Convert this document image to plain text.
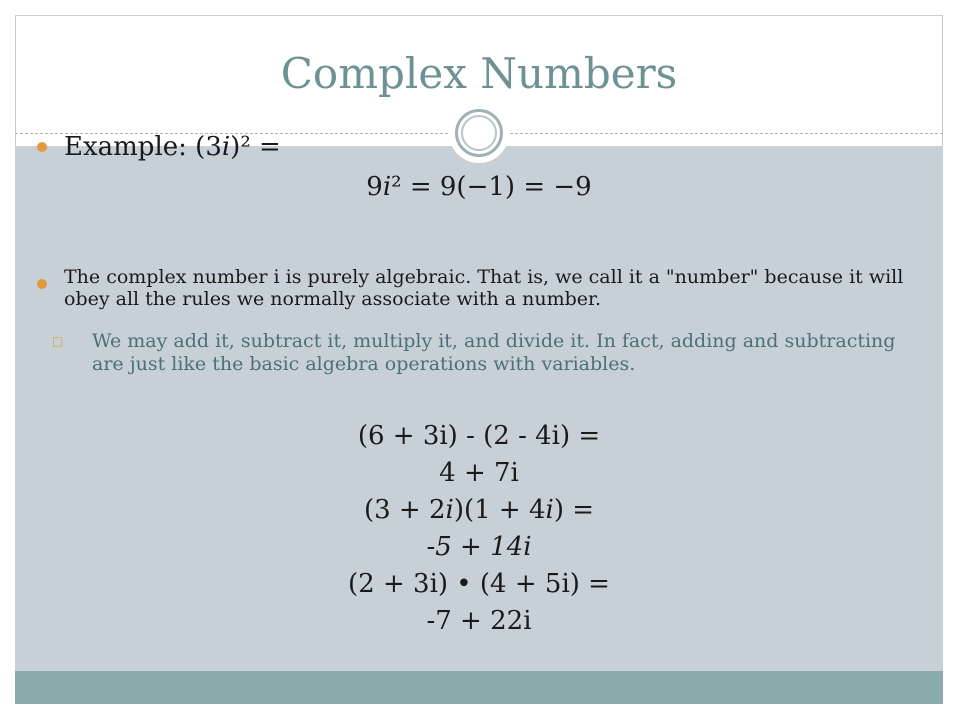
Complex Numbers
Example: (3𝑖)² =
9𝑖² = 9(−1) = −9

The complex number i is purely algebraic. That is, we call it a "number" because it will obey all the rules we normally associate with a number.

□ We may add it, subtract it, multiply it, and divide it. In fact, adding and subtracting are just like the basic algebra operations with variables.

(6 + 3i) - (2 - 4i) =
4 + 7i
(3 + 2i)(1 + 4i) =
-5 + 14i
(2 + 3i) • (4 + 5i) =
-7 + 22i
